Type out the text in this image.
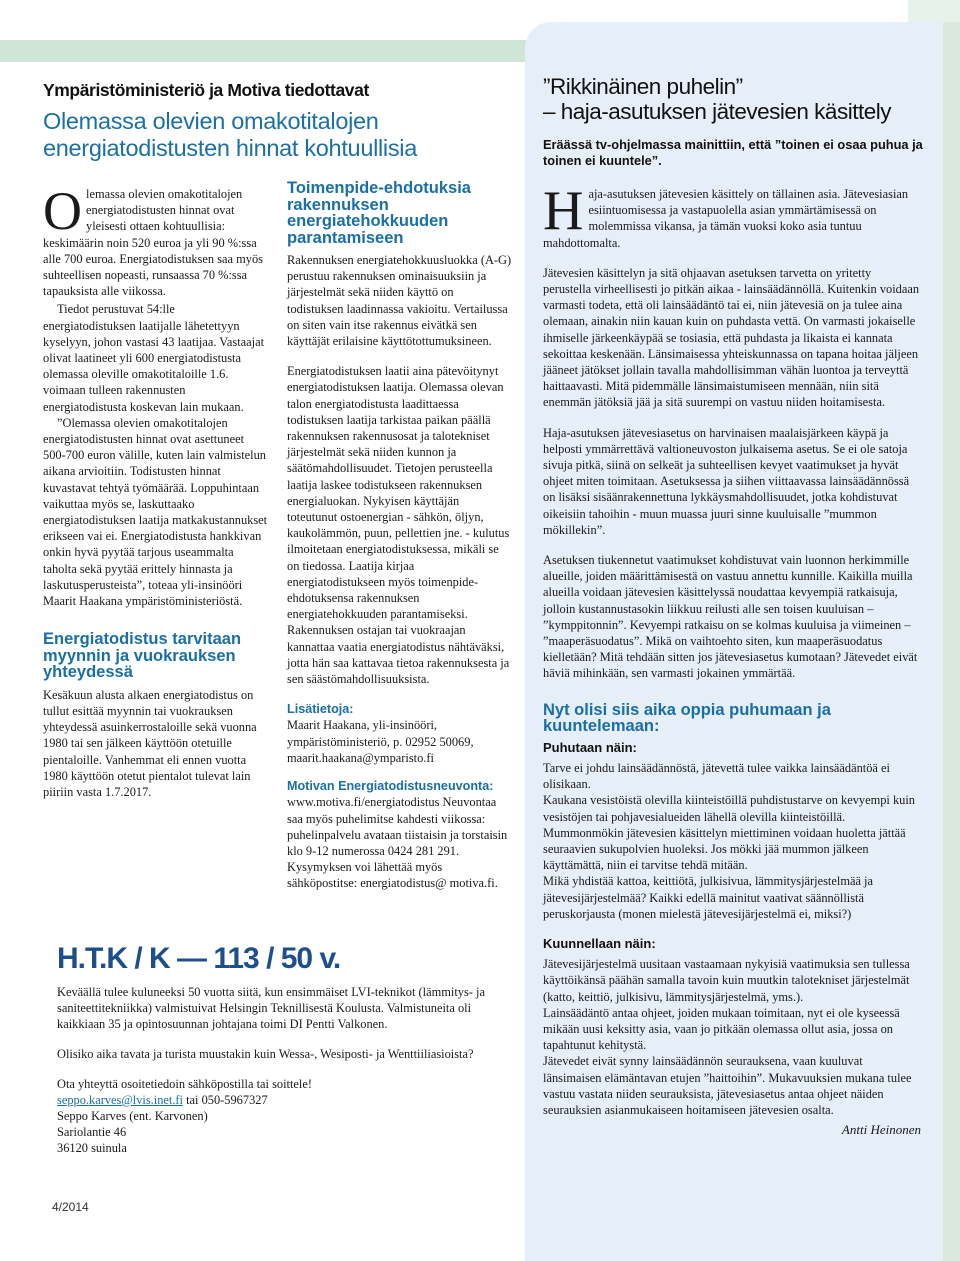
Ympäristöministeriö ja Motiva tiedottavat
Olemassa olevien omakotitalojen
energiatodistusten hinnat kohtuullisia

Olemassa olevien omakotitalojen energiatodistusten hinnat ovat yleisesti ottaen kohtuullisia: keskimäärin noin 520 euroa ja yli 90 %:ssa alle 700 euroa. Energiatodistuksen saa myös suhteellisen nopeasti, runsaassa 70 %:ssa tapauksista alle viikossa.

Tiedot perustuvat 54:lle energiatodistuksen laatijalle lähetettyyn kyselyyn, johon vastasi 43 laatijaa. Vastaajat olivat laatineet yli 600 energiatodistusta olemassa oleville omakotitaloille 1.6. voimaan tulleen rakennusten energiatodistusta koskevan lain mukaan.

”Olemassa olevien omakotitalojen energiatodistusten hinnat ovat asettuneet 500-700 euron välille, kuten lain valmistelun aikana arvioitiin. Todistusten hinnat kuvastavat tehtyä työmäärää. Loppuhintaan vaikuttaa myös se, laskuttaako energiatodistuksen laatija matkakustannukset erikseen vai ei. Energiatodistusta hankkivan onkin hyvä pyytää tarjous useammalta taholta sekä pyytää erittely hinnasta ja laskutusperusteista”, toteaa yli-insinööri Maarit Haakana ympäristöministeriöstä.

Energiatodistus tarvitaan myynnin ja vuokrauksen yhteydessä

Kesäkuun alusta alkaen energiatodistus on tullut esittää myynnin tai vuokrauksen yhteydessä asuinkerrostaloille sekä vuonna 1980 tai sen jälkeen käyttöön otetuille pientaloille. Vanhemmat eli ennen vuotta 1980 käyttöön otetut pientalot tulevat lain piiriin vasta 1.7.2017.

Toimenpide-ehdotuksia rakennuksen energiatehokkuuden parantamiseen

Rakennuksen energiatehokkuusluokka (A-G) perustuu rakennuksen ominaisuuksiin ja järjestelmät sekä niiden käyttö on todistuksen laadinnassa vakioitu. Vertailussa on siten vain itse rakennus eivätkä sen käyttäjät erilaisine käyttötottumuksineen.

Energiatodistuksen laatii aina pätevöitynyt energiatodistuksen laatija. Olemassa olevan talon energiatodistusta laadittaessa todistuksen laatija tarkistaa paikan päällä rakennuksen rakennusosat ja talotekniset järjestelmät sekä niiden kunnon ja säätömahdollisuudet. Tietojen perusteella laatija laskee todistukseen rakennuksen energialuokan. Nykyisen käyttäjän toteutunut ostoenergian - sähkön, öljyn, kaukolämmön, puun, pellettien jne. - kulutus ilmoitetaan energiatodistuksessa, mikäli se on tiedossa. Laatija kirjaa energiatodistukseen myös toimenpide-ehdotuksensa rakennuksen energiatehokkuuden parantamiseksi. Rakennuksen ostajan tai vuokraajan kannattaa vaatia energiatodistus nähtäväksi, jotta hän saa kattavaa tietoa rakennuksesta ja sen säästömahdollisuuksista.

Lisätietoja:

Maarit Haakana, yli-insinööri, ympäristöministeriö, p. 02952 50069, maarit.haakana@ymparisto.fi

Motivan Energiatodistusneuvonta:

www.motiva.fi/energiatodistus Neuvontaa saa myös puhelimitse kahdesti viikossa: puhelinpalvelu avataan tiistaisin ja torstaisin klo 9-12 numerossa 0424 281 291. Kysymyksen voi lähettää myös sähköpostitse: energiatodistus@ motiva.fi.

H.T.K / K — 113 / 50 v.

Keväällä tulee kuluneeksi 50 vuotta siitä, kun ensimmäiset LVI-teknikot (lämmitys- ja saniteettitekniikka) valmistuivat Helsingin Teknillisestä Koulusta. Valmistuneita oli kaikkiaan 35 ja opintosuunnan johtajana toimi DI Pentti Valkonen.

Olisiko aika tavata ja turista muustakin kuin Wessa-, Wesiposti- ja Wenttiiliasioista?

Ota yhteyttä osoitetiedoin sähköpostilla tai soittele!

seppo.karves@lvis.inet.fi tai 050-5967327
Seppo Karves (ent. Karvonen)
Sariolantie 46
36120 suinula
4/2014
”Rikkinäinen puhelin”
– haja-asutuksen jätevesien käsittely
Eräässä tv-ohjelmassa mainittiin, että ”toinen ei osaa puhua ja toinen ei kuuntele”.

Haja-asutuksen jätevesien käsittely on tällainen asia. Jätevesiasian esiintuomisessa ja vastapuolella asian ymmärtämisessä on molemmissa vikansa, ja tämän vuoksi koko asia tuntuu mahdottomalta.

Jätevesien käsittelyn ja sitä ohjaavan asetuksen tarvetta on yritetty perustella virheellisesti jo pitkän aikaa - lainsäädännöllä. Kuitenkin voidaan varmasti todeta, että oli lainsäädäntö tai ei, niin jätevesiä on ja tulee aina olemaan, ainakin niin kauan kuin on puhdasta vettä. On varmasti jokaiselle ihmiselle järkeenkäypää se tosiasia, että puhdasta ja likaista ei kannata sekoittaa keskenään. Länsimaisessa yhteiskunnassa on tapana hoitaa jäljeen jääneet jätökset jollain tavalla mahdollisimman vähän luontoa ja terveyttä haittaavasti. Mitä pidemmälle länsimaistumiseen mennään, niin sitä enemmän jätöksiä jää ja sitä suurempi on vastuu niiden hoitamisesta.

Haja-asutuksen jätevesiasetus on harvinaisen maalaisjärkeen käypä ja helposti ymmärrettävä valtioneuvoston julkaisema asetus. Se ei ole satoja sivuja pitkä, siinä on selkeät ja suhteellisen kevyet vaatimukset ja hyvät ohjeet miten toimitaan. Asetuksessa ja siihen viittaavassa lainsäädännössä on lisäksi sisäänrakennettuna lykkäysmahdollisuudet, jotka kohdistuvat oikeisiin tahoihin - muun muassa juuri sinne kuuluisalle ”mummon mökillekin”.

Asetuksen tiukennetut vaatimukset kohdistuvat vain luonnon herkimmille alueille, joiden määrittämisestä on vastuu annettu kunnille. Kaikilla muilla alueilla voidaan jätevesien käsittelyssä noudattaa kevyempiä ratkaisuja, jolloin kustannustasokin liikkuu reilusti alle sen toisen kuuluisan – ”kymppitonnin”. Kevyempi ratkaisu on se kolmas kuuluisa ja viimeinen – ”maaperäsuodatus”. Mikä on vaihtoehto siten, kun maaperäsuodatus kielletään? Mitä tehdään sitten jos jätevesiasetus kumotaan? Jätevedet eivät häviä mihinkään, sen varmasti jokainen ymmärtää.

Nyt olisi siis aika oppia puhumaan ja kuuntelemaan:
Puhutaan näin:

Tarve ei johdu lainsäädännöstä, jätevettä tulee vaikka lainsäädäntöä ei olisikaan.

Kaukana vesistöistä olevilla kiinteistöillä puhdistustarve on kevyempi kuin vesistöjen tai pohjavesialueiden lähellä olevilla kiinteistöillä.

Mummonmökin jätevesien käsittelyn miettiminen voidaan huoletta jättää seuraavien sukupolvien huoleksi. Jos mökki jää mummon jälkeen käyttämättä, niin ei tarvitse tehdä mitään.

Mikä yhdistää kattoa, keittiötä, julkisivua, lämmitysjärjestelmää ja jätevesijärjestelmää? Kaikki edellä mainitut vaativat säännöllistä peruskorjausta (monen mielestä jätevesijärjestelmä ei, miksi?)

Kuunnellaan näin:

Jätevesijärjestelmä uusitaan vastaamaan nykyisiä vaatimuksia sen tullessa käyttöikänsä päähän samalla tavoin kuin muutkin talotekniset järjestelmät (katto, keittiö, julkisivu, lämmitysjärjestelmä, yms.).

Lainsäädäntö antaa ohjeet, joiden mukaan toimitaan, nyt ei ole kyseessä mikään uusi keksitty asia, vaan jo pitkään olemassa ollut asia, jossa on tapahtunut kehitystä.

Jätevedet eivät synny lainsäädännön seurauksena, vaan kuuluvat länsimaisen elämäntavan etujen ”haittoihin”. Mukavuuksien mukana tulee vastuu vastata niiden seurauksista, jätevesiasetus antaa ohjeet näiden seurauksien asianmukaiseen hoitamiseen jätevesien osalta.

Antti Heinonen
